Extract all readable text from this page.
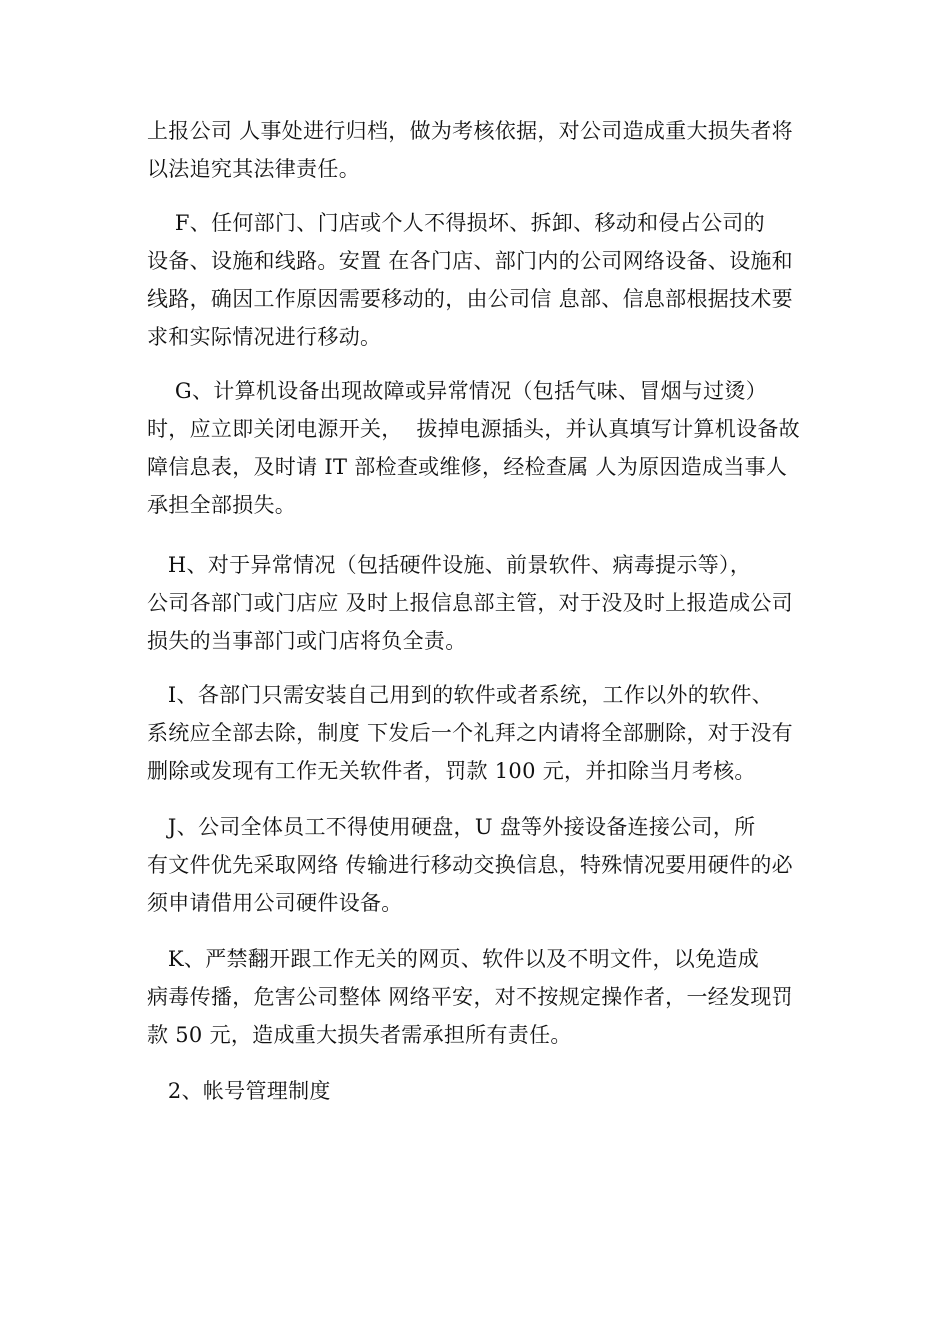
上报公司 人事处进行归档，做为考核依据，对公司造成重大损失者将
以法追究其法律责任。
F、任何部门、门店或个人不得损坏、拆卸、移动和侵占公司的
设备、设施和线路。安置 在各门店、部门内的公司网络设备、设施和
线路，确因工作原因需要移动的，由公司信 息部、信息部根据技术要
求和实际情况进行移动。
G、计算机设备出现故障或异常情况（包括气味、冒烟与过烫）
时，应立即关闭电源开关，  拔掉电源插头，并认真填写计算机设备故
障信息表，及时请 IT 部检查或维修，经检查属 人为原因造成当事人
承担全部损失。
H、对于异常情况（包括硬件设施、前景软件、病毒提示等），
公司各部门或门店应 及时上报信息部主管，对于没及时上报造成公司
损失的当事部门或门店将负全责。
I、各部门只需安装自己用到的软件或者系统，工作以外的软件、
系统应全部去除，制度 下发后一个礼拜之内请将全部删除，对于没有
删除或发现有工作无关软件者，罚款 100 元，并扣除当月考核。
J、公司全体员工不得使用硬盘，U 盘等外接设备连接公司，所
有文件优先采取网络 传输进行移动交换信息，特殊情况要用硬件的必
须申请借用公司硬件设备。
K、严禁翻开跟工作无关的网页、软件以及不明文件，以免造成
病毒传播，危害公司整体 网络平安，对不按规定操作者，一经发现罚
款 50 元，造成重大损失者需承担所有责任。
2、帐号管理制度
